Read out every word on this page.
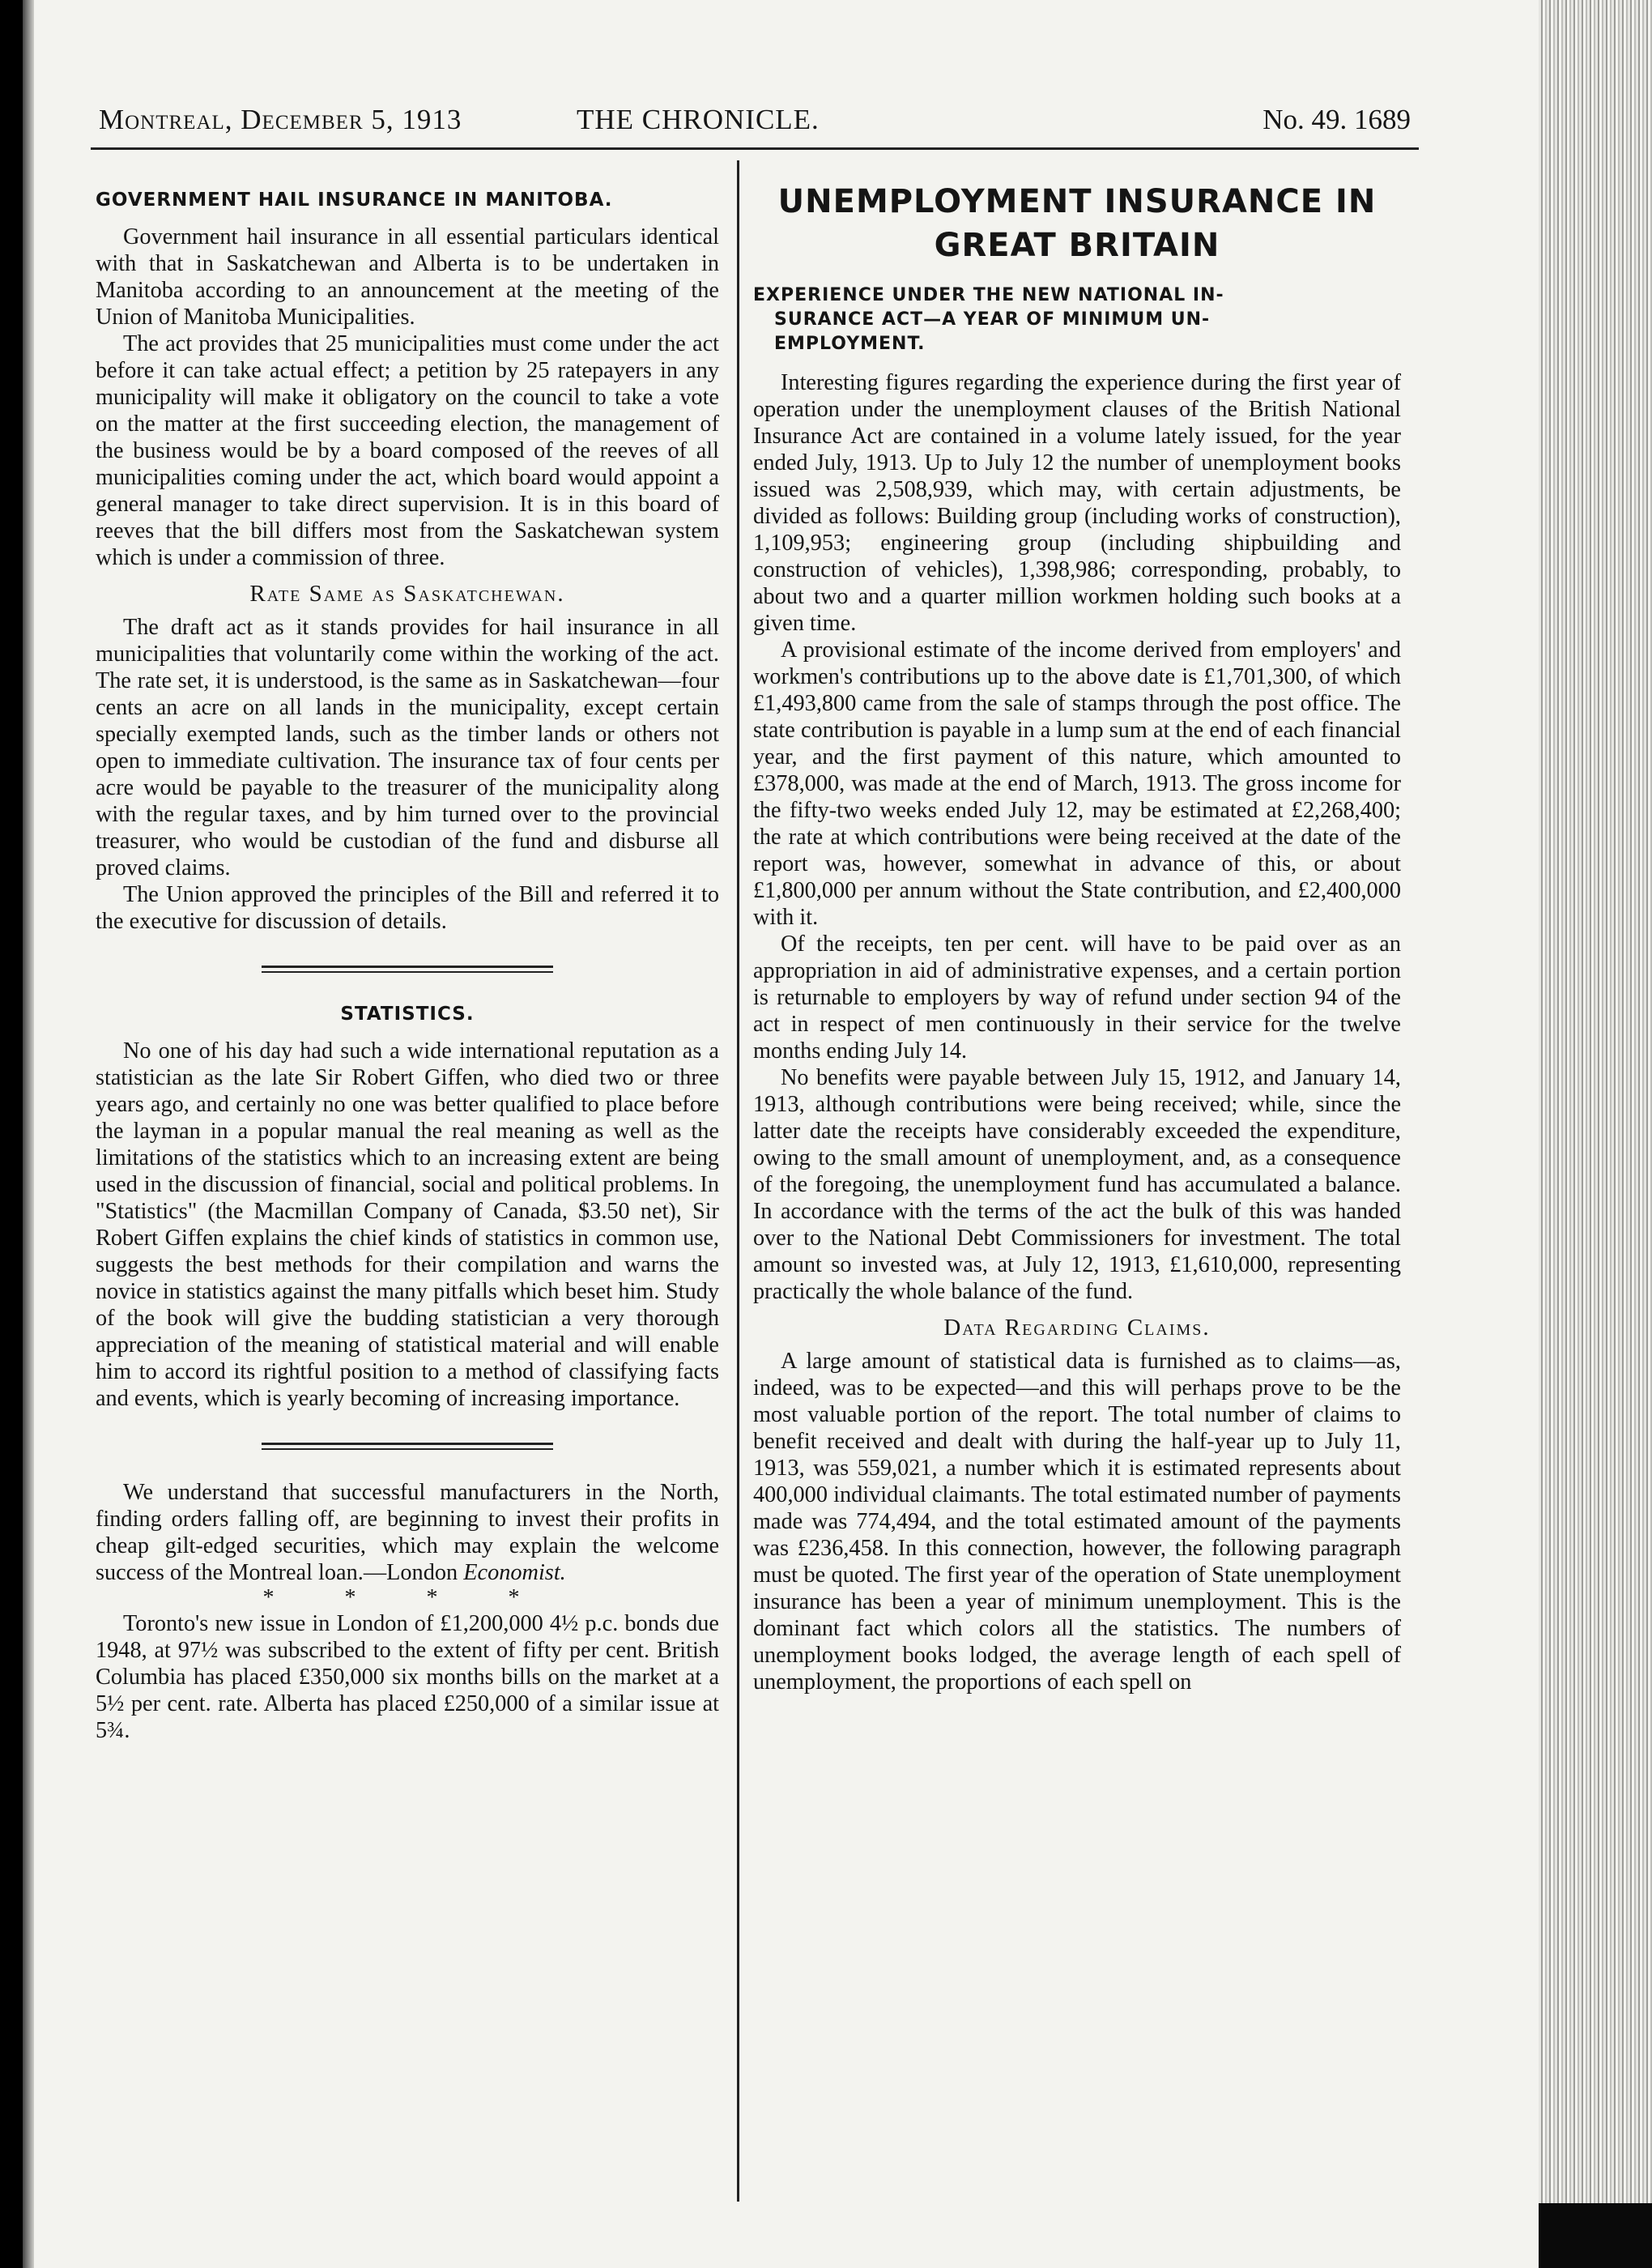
Montreal, December 5, 1913	THE CHRONICLE.	No. 49. 1689
GOVERNMENT HAIL INSURANCE IN MANITOBA.

Government hail insurance in all essential particulars identical with that in Saskatchewan and Alberta is to be undertaken in Manitoba according to an announcement at the meeting of the Union of Manitoba Municipalities.

The act provides that 25 municipalities must come under the act before it can take actual effect; a petition by 25 ratepayers in any municipality will make it obligatory on the council to take a vote on the matter at the first succeeding election, the management of the business would be by a board composed of the reeves of all municipalities coming under the act, which board would appoint a general manager to take direct supervision. It is in this board of reeves that the bill differs most from the Saskatchewan system which is under a commission of three.

Rate Same as Saskatchewan.

The draft act as it stands provides for hail insurance in all municipalities that voluntarily come within the working of the act. The rate set, it is understood, is the same as in Saskatchewan—four cents an acre on all lands in the municipality, except certain specially exempted lands, such as the timber lands or others not open to immediate cultivation. The insurance tax of four cents per acre would be payable to the treasurer of the municipality along with the regular taxes, and by him turned over to the provincial treasurer, who would be custodian of the fund and disburse all proved claims.

The Union approved the principles of the Bill and referred it to the executive for discussion of details.

STATISTICS.

No one of his day had such a wide international reputation as a statistician as the late Sir Robert Giffen, who died two or three years ago, and certainly no one was better qualified to place before the layman in a popular manual the real meaning as well as the limitations of the statistics which to an increasing extent are being used in the discussion of financial, social and political problems. In "Statistics" (the Macmillan Company of Canada, $3.50 net), Sir Robert Giffen explains the chief kinds of statistics in common use, suggests the best methods for their compilation and warns the novice in statistics against the many pitfalls which beset him. Study of the book will give the budding statistician a very thorough appreciation of the meaning of statistical material and will enable him to accord its rightful position to a method of classifying facts and events, which is yearly becoming of increasing importance.

We understand that successful manufacturers in the North, finding orders falling off, are beginning to invest their profits in cheap gilt-edged securities, which may explain the welcome success of the Montreal loan.—London Economist.

* * * *

Toronto's new issue in London of £1,200,000 4½ p.c. bonds due 1948, at 97½ was subscribed to the extent of fifty per cent. British Columbia has placed £350,000 six months bills on the market at a 5½ per cent. rate. Alberta has placed £250,000 of a similar issue at 5¾.

UNEMPLOYMENT INSURANCE IN
GREAT BRITAIN
EXPERIENCE UNDER THE NEW NATIONAL IN-
SURANCE ACT—A YEAR OF MINIMUM UN-
EMPLOYMENT.

Interesting figures regarding the experience during the first year of operation under the unemployment clauses of the British National Insurance Act are contained in a volume lately issued, for the year ended July, 1913. Up to July 12 the number of unemployment books issued was 2,508,939, which may, with certain adjustments, be divided as follows: Building group (including works of construction), 1,109,953; engineering group (including shipbuilding and construction of vehicles), 1,398,986; corresponding, probably, to about two and a quarter million workmen holding such books at a given time.

A provisional estimate of the income derived from employers' and workmen's contributions up to the above date is £1,701,300, of which £1,493,800 came from the sale of stamps through the post office. The state contribution is payable in a lump sum at the end of each financial year, and the first payment of this nature, which amounted to £378,000, was made at the end of March, 1913. The gross income for the fifty-two weeks ended July 12, may be estimated at £2,268,400; the rate at which contributions were being received at the date of the report was, however, somewhat in advance of this, or about £1,800,000 per annum without the State contribution, and £2,400,000 with it.

Of the receipts, ten per cent. will have to be paid over as an appropriation in aid of administrative expenses, and a certain portion is returnable to employers by way of refund under section 94 of the act in respect of men continuously in their service for the twelve months ending July 14.

No benefits were payable between July 15, 1912, and January 14, 1913, although contributions were being received; while, since the latter date the receipts have considerably exceeded the expenditure, owing to the small amount of unemployment, and, as a consequence of the foregoing, the unemployment fund has accumulated a balance. In accordance with the terms of the act the bulk of this was handed over to the National Debt Commissioners for investment. The total amount so invested was, at July 12, 1913, £1,610,000, representing practically the whole balance of the fund.

Data Regarding Claims.

A large amount of statistical data is furnished as to claims—as, indeed, was to be expected—and this will perhaps prove to be the most valuable portion of the report. The total number of claims to benefit received and dealt with during the half-year up to July 11, 1913, was 559,021, a number which it is estimated represents about 400,000 individual claimants. The total estimated number of payments made was 774,494, and the total estimated amount of the payments was £236,458. In this connection, however, the following paragraph must be quoted. The first year of the operation of State unemployment insurance has been a year of minimum unemployment. This is the dominant fact which colors all the statistics. The numbers of unemployment books lodged, the average length of each spell of unemployment, the proportions of each spell on
